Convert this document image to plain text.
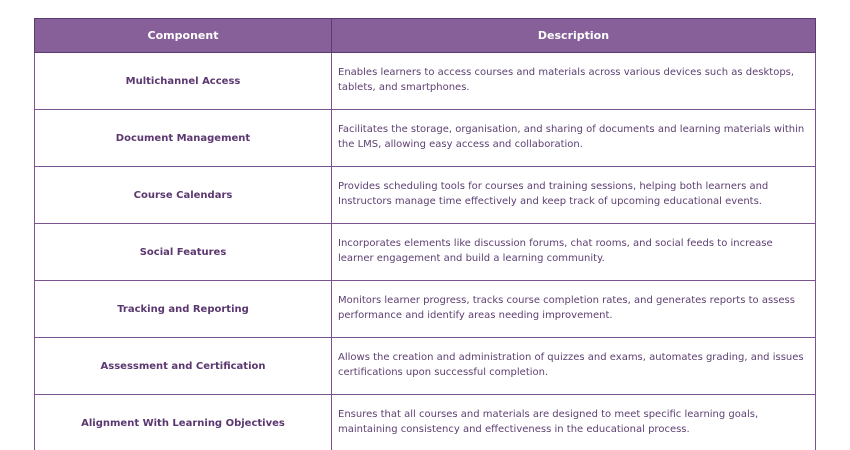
Component	Description
Multichannel Access	Enables learners to access courses and materials across various devices such as desktops, tablets, and smartphones.
Document Management	Facilitates the storage, organisation, and sharing of documents and learning materials within the LMS, allowing easy access and collaboration.
Course Calendars	Provides scheduling tools for courses and training sessions, helping both learners and Instructors manage time effectively and keep track of upcoming educational events.
Social Features	Incorporates elements like discussion forums, chat rooms, and social feeds to increase learner engagement and build a learning community.
Tracking and Reporting	Monitors learner progress, tracks course completion rates, and generates reports to assess performance and identify areas needing improvement.
Assessment and Certification	Allows the creation and administration of quizzes and exams, automates grading, and issues certifications upon successful completion.
Alignment With Learning Objectives	Ensures that all courses and materials are designed to meet specific learning goals, maintaining consistency and effectiveness in the educational process.
